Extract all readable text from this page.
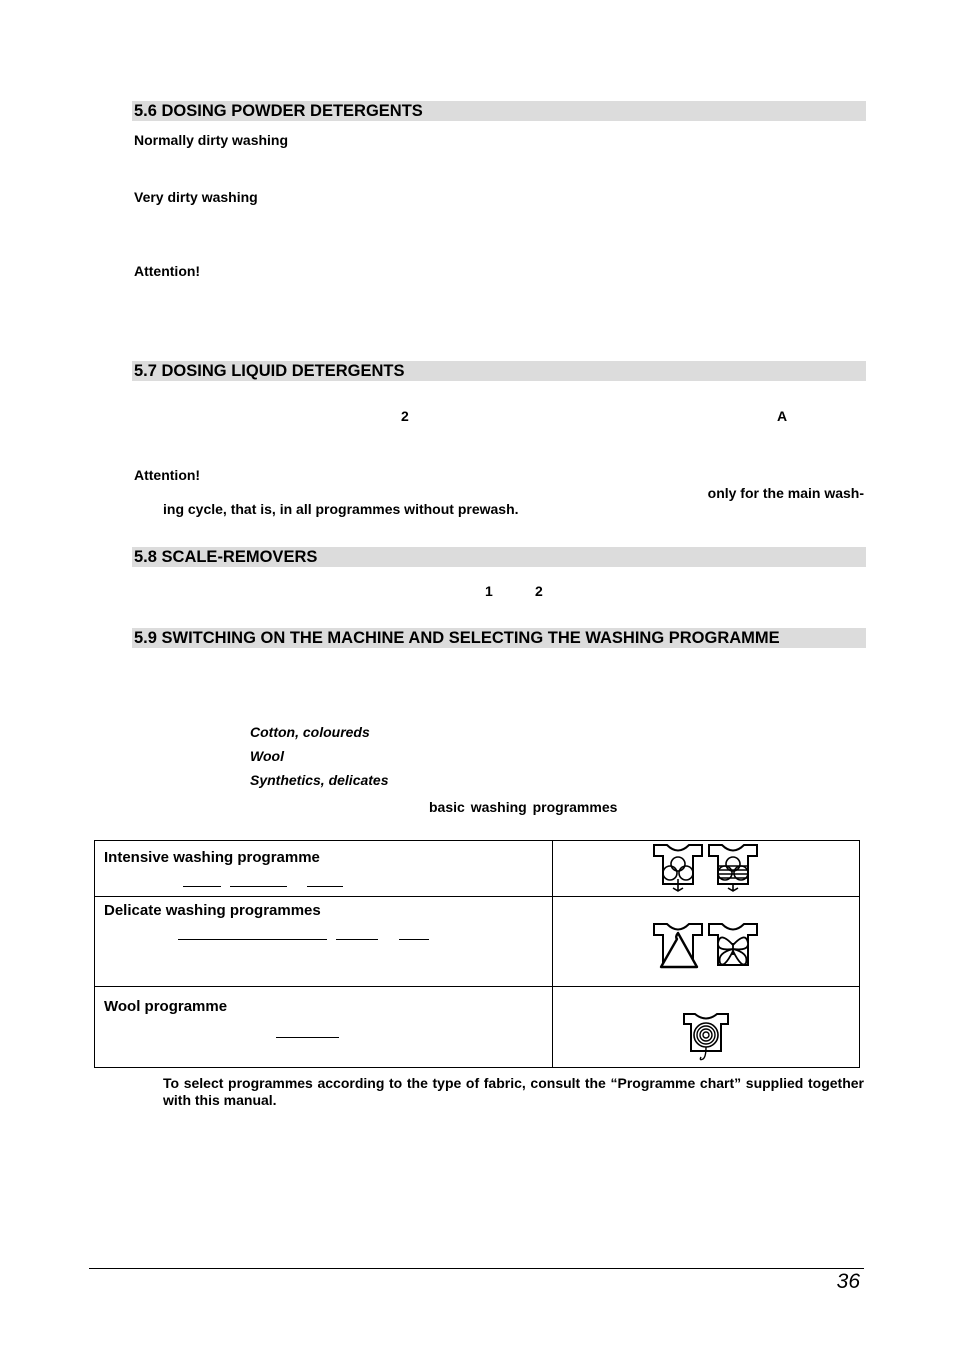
5.6 DOSING POWDER DETERGENTS
Normally dirty washing
Very dirty washing
Attention!
5.7 DOSING LIQUID DETERGENTS
2	A
Attention!
only for the main wash-
ing cycle, that is, in all programmes without prewash.
5.8 SCALE-REMOVERS
1	2
5.9 SWITCHING ON THE MACHINE AND SELECTING THE WASHING PROGRAMME
Cotton, coloureds
Wool
Synthetics, delicates
basic washing programmes
Intensive washing programme

Delicate washing programmes

Wool programme

To select programmes according to the type of fabric, consult the “Programme chart” supplied together with this manual.
36
